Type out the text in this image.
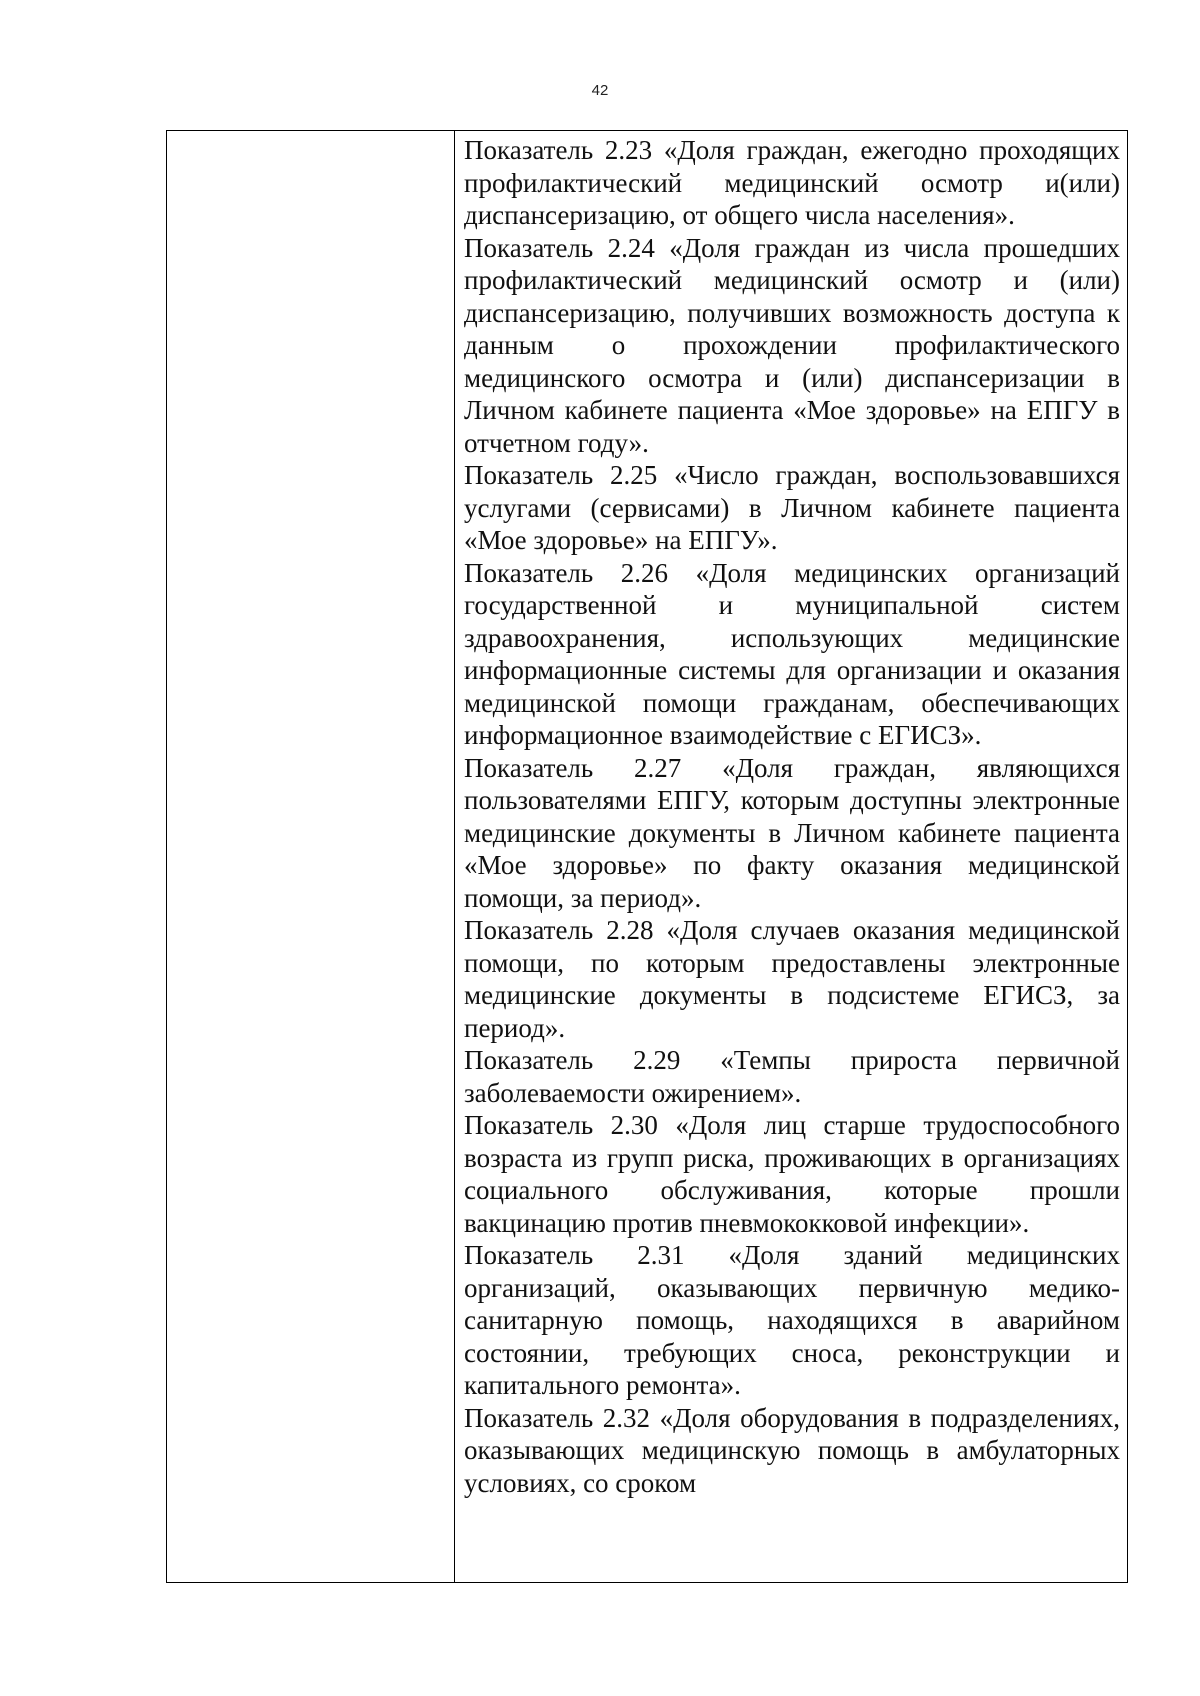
42

Показатель 2.23 «Доля граждан, ежегодно проходящих профилактический медицинский осмотр и(или) диспансеризацию, от общего числа населения».

Показатель 2.24 «Доля граждан из числа прошедших профилактический медицинский осмотр и (или) диспансеризацию, получивших возможность доступа к данным о прохождении профилактического медицинского осмотра и (или) диспансеризации в Личном кабинете пациента «Мое здоровье» на ЕПГУ в отчетном году».

Показатель 2.25 «Число граждан, воспользовавшихся услугами (сервисами) в Личном кабинете пациента «Мое здоровье» на ЕПГУ».

Показатель 2.26 «Доля медицинских организаций государственной и муниципальной систем здравоохранения, использующих медицинские информационные системы для организации и оказания медицинской помощи гражданам, обеспечивающих информационное взаимодействие с ЕГИСЗ».

Показатель 2.27 «Доля граждан, являющихся пользователями ЕПГУ, которым доступны электронные медицинские документы в Личном кабинете пациента «Мое здоровье» по факту оказания медицинской помощи, за период».

Показатель 2.28 «Доля случаев оказания медицинской помощи, по которым предоставлены электронные медицинские документы в подсистеме ЕГИСЗ, за период».

Показатель 2.29 «Темпы прироста первичной заболеваемости ожирением».

Показатель 2.30 «Доля лиц старше трудоспособного возраста из групп риска, проживающих в организациях социального обслуживания, которые прошли вакцинацию против пневмококковой инфекции».

Показатель 2.31 «Доля зданий медицинских организаций, оказывающих первичную медико-санитарную помощь, находящихся в аварийном состоянии, требующих сноса, реконструкции и капитального ремонта».

Показатель 2.32 «Доля оборудования в подразделениях, оказывающих медицинскую помощь в амбулаторных условиях, со сроком
